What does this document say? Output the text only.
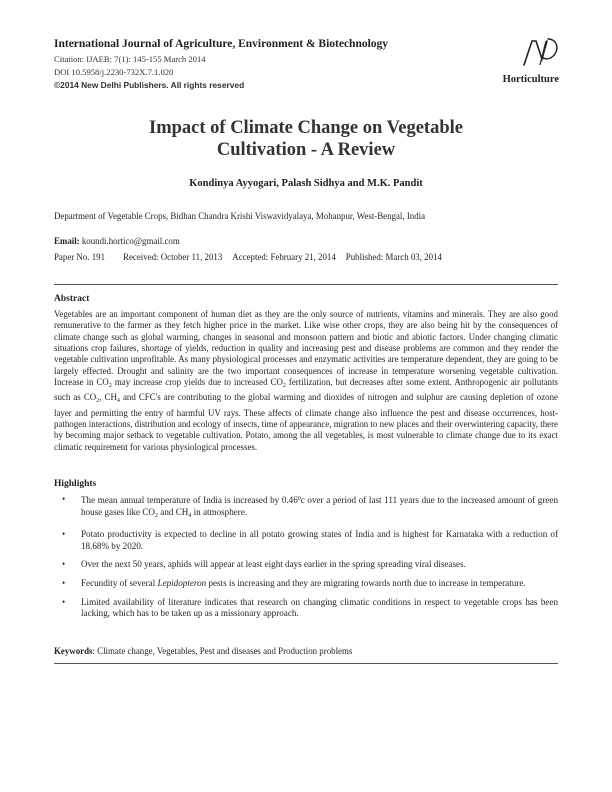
International Journal of Agriculture, Environment & Biotechnology
Citation: IJAEB: 7(1): 145-155 March 2014
DOI 10.5958/j.2230-732X.7.1.020
©2014 New Delhi Publishers. All rights reserved	Horticulture
Impact of Climate Change on Vegetable
Cultivation - A Review
Kondinya Ayyogari, Palash Sidhya and M.K. Pandit
Department of Vegetable Crops, Bidhan Chandra Krishi Viswavidyalaya, Mohanpur, West-Bengal, India
Email: koundi.hortico@gmail.com
Paper No. 191 Received: October 11, 2013 Accepted: February 21, 2014 Published: March 03, 2014
Abstract
Vegetables are an important component of human diet as they are the only source of nutrients, vitamins and minerals. They are also good remunerative to the farmer as they fetch higher price in the market. Like wise other crops, they are also being hit by the consequences of climate change such as global warming, changes in seasonal and monsoon pattern and biotic and abiotic factors. Under changing climatic situations crop failures, shortage of yields, reduction in quality and increasing pest and disease problems are common and they render the vegetable cultivation unprofitable. As many physiological processes and enzymatic activities are temperature dependent, they are going to be largely effected. Drought and salinity are the two important consequences of increase in temperature worsening vegetable cultivation. Increase in $CO_2$ may increase crop yields due to increased $CO_2$ fertilization, but decreases after some extent. Anthropogenic air pollutants such as $CO_2$, $CH_4$ and CFC's are contributing to the global warming and dioxides of nitrogen and sulphur are causing depletion of ozone layer and permitting the entry of harmful UV rays. These affects of climate change also influence the pest and disease occurrences, host-pathogen interactions, distribution and ecology of insects, time of appearance, migration to new places and their overwintering capacity, there by becoming major setback to vegetable cultivation. Potato, among the all vegetables, is most vulnerable to climate change due to its exact climatic requirement for various physiological processes.
Highlights
• The mean annual temperature of India is increased by 0.46$^0$c over a period of last 111 years due to the increased amount of green house gases like $CO_2$ and $CH_4$ in atmosphere.
• Potato productivity is expected to decline in all potato growing states of India and is highest for Karnataka with a reduction of 18.68% by 2020.
• Over the next 50 years, aphids will appear at least eight days earlier in the spring spreading viral diseases.
• Fecundity of several Lepidopteron pests is increasing and they are migrating towards north due to increase in temperature.
• Limited availability of literature indicates that research on changing climatic conditions in respect to vegetable crops has been lacking, which has to be taken up as a missionary approach.
Keywords: Climate change, Vegetables, Pest and diseases and Production problems
